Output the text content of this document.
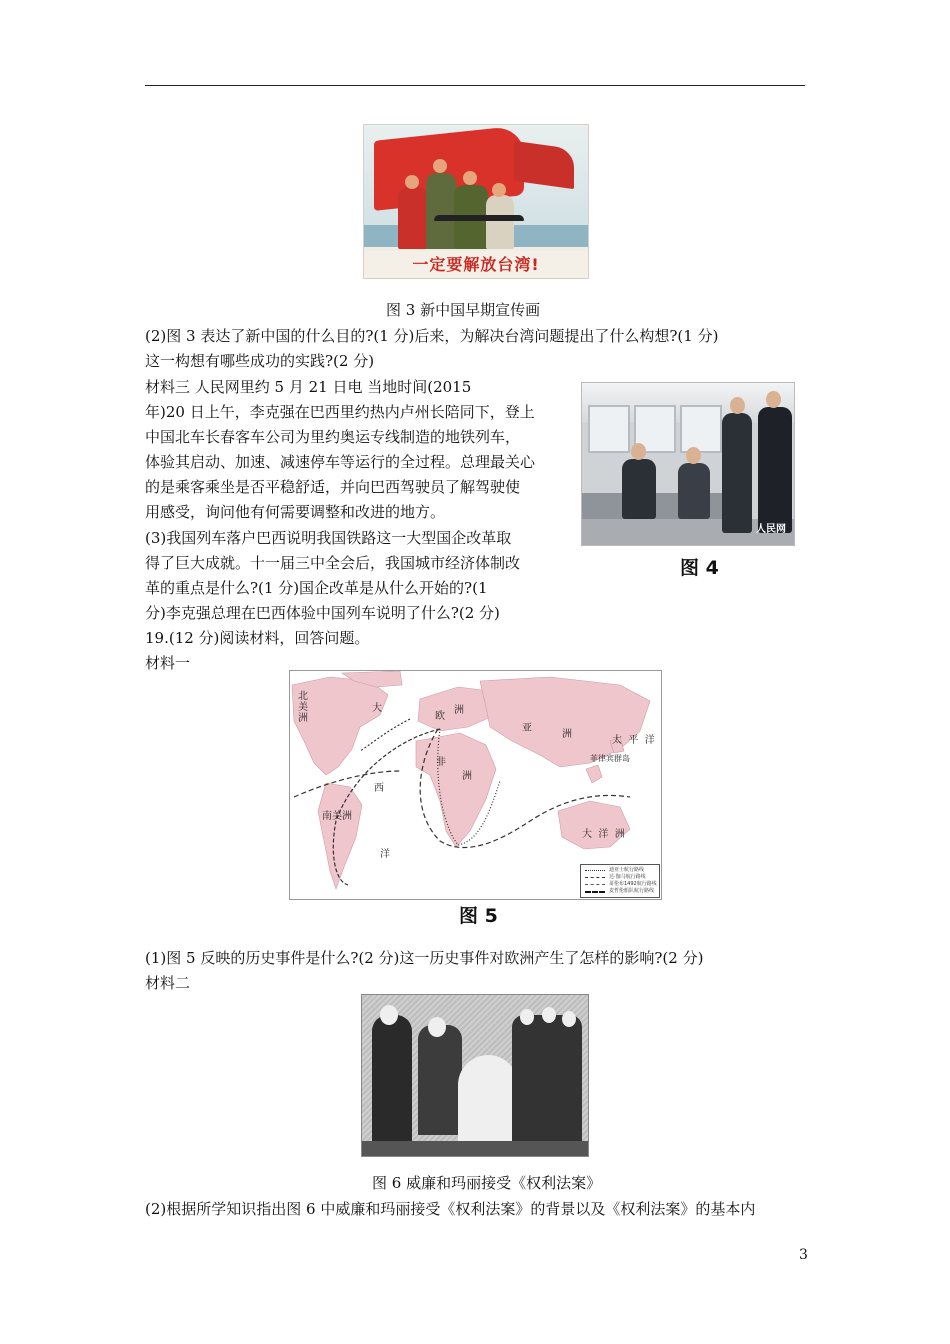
一定要解放台湾!
图 3 新中国早期宣传画
(2)图 3 表达了新中国的什么目的?(1 分)后来，为解决台湾问题提出了什么构想?(1 分)
这一构想有哪些成功的实践?(2 分)
材料三 人民网里约 5 月 21 日电 当地时间(2015
年)20 日上午，李克强在巴西里约热内卢州长陪同下，登上
中国北车长春客车公司为里约奥运专线制造的地铁列车，
体验其启动、加速、减速停车等运行的全过程。总理最关心
的是乘客乘坐是否平稳舒适，并向巴西驾驶员了解驾驶使
用感受，询问他有何需要调整和改进的地方。
人民网
图 4
(3)我国列车落户巴西说明我国铁路这一大型国企改革取
得了巨大成就。十一届三中全会后，我国城市经济体制改
革的重点是什么?(1 分)国企改革是从什么开始的?(1
分)李克强总理在巴西体验中国列车说明了什么?(2 分)
19.(12 分)阅读材料，回答问题。
材料一
北
美
洲
大
欧
洲
亚
洲
太  平  洋
菲律宾群岛
非
洲
西
南美洲
洋
大  洋  洲
迪亚士航行路线
达·伽马航行路线
哥伦布1492航行路线
麦哲伦船队航行路线
图 5
(1)图 5 反映的历史事件是什么?(2 分)这一历史事件对欧洲产生了怎样的影响?(2 分)
材料二
图 6 威廉和玛丽接受《权利法案》
(2)根据所学知识指出图 6 中威廉和玛丽接受《权利法案》的背景以及《权利法案》的基本内
3
